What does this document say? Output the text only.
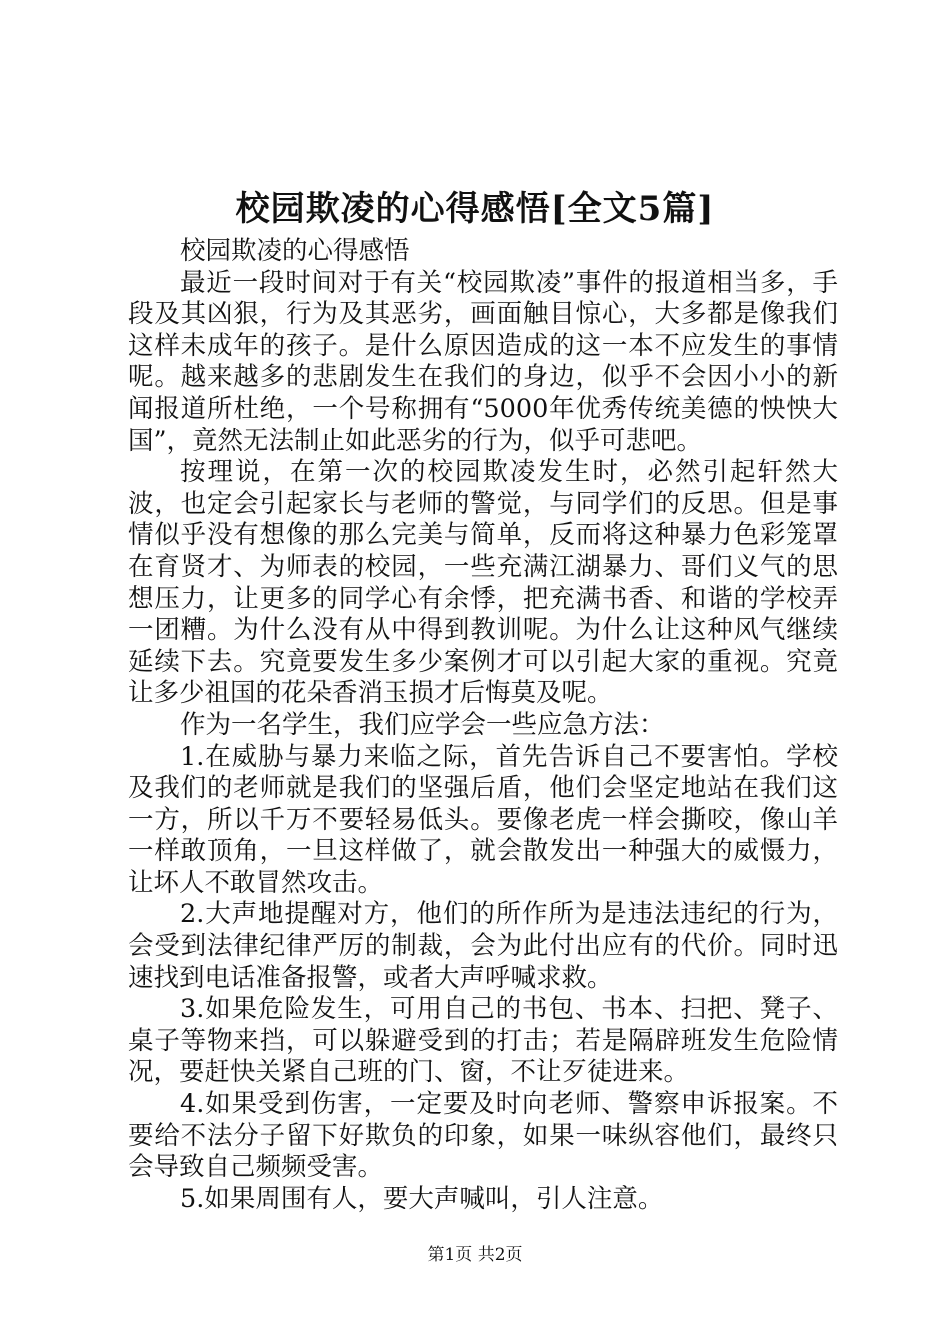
校园欺凌的心得感悟[全文5篇]

校园欺凌的心得感悟

最近一段时间对于有关“校园欺凌”事件的报道相当多，手段及其凶狠，行为及其恶劣，画面触目惊心，大多都是像我们这样未成年的孩子。是什么原因造成的这一本不应发生的事情呢。越来越多的悲剧发生在我们的身边，似乎不会因小小的新闻报道所杜绝，一个号称拥有“5000年优秀传统美德的怏怏大国”，竟然无法制止如此恶劣的行为，似乎可悲吧。

按理说，在第一次的校园欺凌发生时，必然引起轩然大波，也定会引起家长与老师的警觉，与同学们的反思。但是事情似乎没有想像的那么完美与简单，反而将这种暴力色彩笼罩在育贤才、为师表的校园，一些充满江湖暴力、哥们义气的思想压力，让更多的同学心有余悸，把充满书香、和谐的学校弄一团糟。为什么没有从中得到教训呢。为什么让这种风气继续延续下去。究竟要发生多少案例才可以引起大家的重视。究竟让多少祖国的花朵香消玉损才后悔莫及呢。

作为一名学生，我们应学会一些应急方法：

1.在威胁与暴力来临之际，首先告诉自己不要害怕。学校及我们的老师就是我们的坚强后盾，他们会坚定地站在我们这一方，所以千万不要轻易低头。要像老虎一样会撕咬，像山羊一样敢顶角，一旦这样做了，就会散发出一种强大的威慑力，让坏人不敢冒然攻击。

2.大声地提醒对方，他们的所作所为是违法违纪的行为，会受到法律纪律严厉的制裁，会为此付出应有的代价。同时迅速找到电话准备报警，或者大声呼喊求救。

3.如果危险发生，可用自己的书包、书本、扫把、凳子、桌子等物来挡，可以躲避受到的打击；若是隔辟班发生危险情况，要赶快关紧自己班的门、窗，不让歹徒进来。

4.如果受到伤害，一定要及时向老师、警察申诉报案。不要给不法分子留下好欺负的印象，如果一味纵容他们，最终只会导致自己频频受害。

5.如果周围有人，要大声喊叫，引人注意。

第1页 共2页
